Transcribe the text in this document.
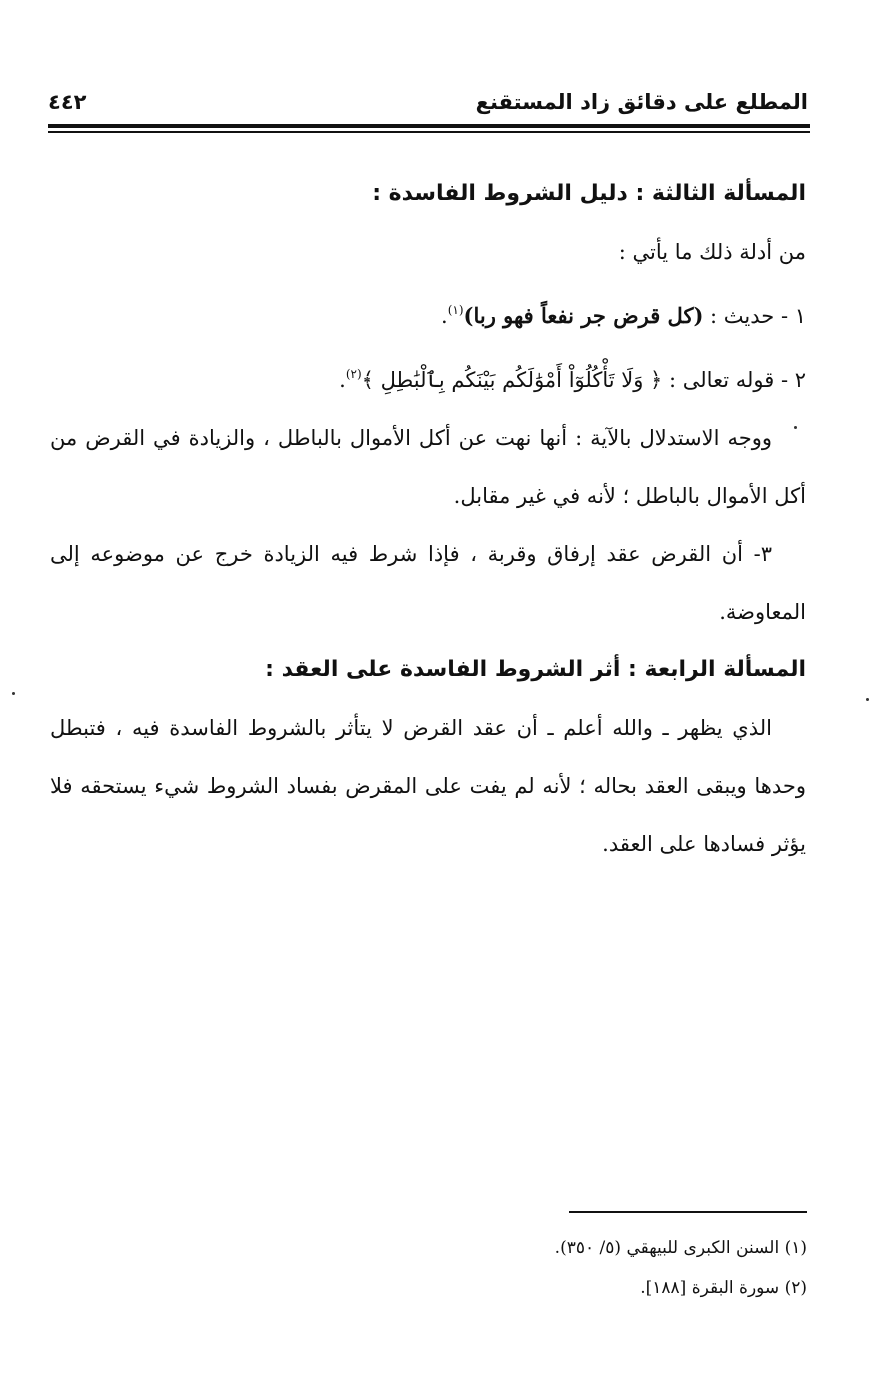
المطلع على دقائق زاد المستقنع
٤٤٢

المسألة الثالثة : دليل الشروط الفاسدة :

من أدلة ذلك ما يأتي :

١ - حديث : (كل قرض جر نفعاً فهو ربا)$^{(١)}$.

٢ - قوله تعالى : ﴿ وَلَا تَأْكُلُوٓاْ أَمْوَٰلَكُم بَيْنَكُم بِٱلْبَٰطِلِ ﴾$^{(٢)}$.

ووجه الاستدلال بالآية : أنها نهت عن أكل الأموال بالباطل ، والزيادة في القرض من أكل الأموال بالباطل ؛ لأنه في غير مقابل.

٣- أن القرض عقد إرفاق وقربة ، فإذا شرط فيه الزيادة خرج عن موضوعه إلى المعاوضة.

المسألة الرابعة : أثر الشروط الفاسدة على العقد :

الذي يظهر ـ والله أعلم ـ أن عقد القرض لا يتأثر بالشروط الفاسدة فيه ، فتبطل وحدها ويبقى العقد بحاله ؛ لأنه لم يفت على المقرض بفساد الشروط شيء يستحقه فلا يؤثر فسادها على العقد.

(١) السنن الكبرى للبيهقي (٥/ ٣٥٠).

(٢) سورة البقرة [١٨٨].
